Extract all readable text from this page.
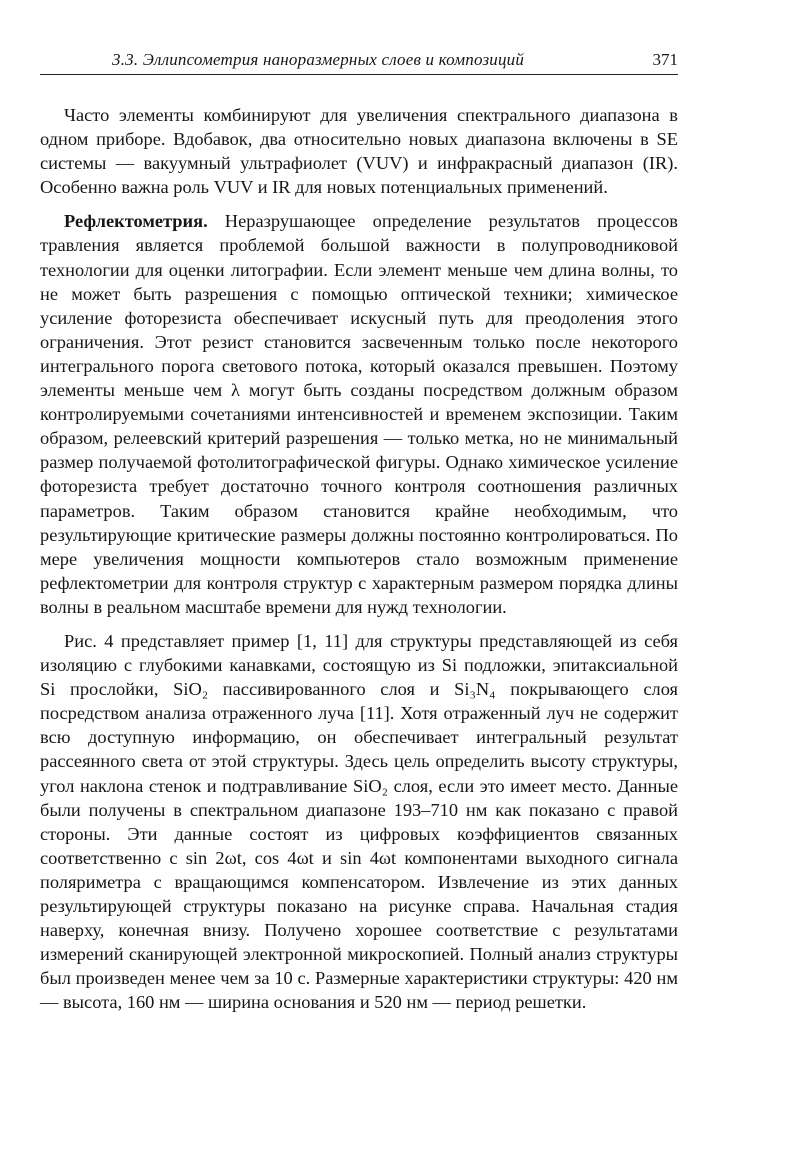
3.3. Эллипсометрия наноразмерных слоев и композиций	371

Часто элементы комбинируют для увеличения спектрального диапазона в одном приборе. Вдобавок, два относительно новых диапазона включены в SE системы — вакуумный ультрафиолет (VUV) и инфракрасный диапазон (IR). Особенно важна роль VUV и IR для новых потенциальных применений.

Рефлектометрия. Неразрушающее определение результатов процессов травления является проблемой большой важности в полупроводниковой технологии для оценки литографии. Если элемент меньше чем длина волны, то не может быть разрешения с помощью оптической техники; химическое усиление фоторезиста обеспечивает искусный путь для преодоления этого ограничения. Этот резист становится засвеченным только после некоторого интегрального порога светового потока, который оказался превышен. Поэтому элементы меньше чем λ могут быть созданы посредством должным образом контролируемыми сочетаниями интенсивностей и временем экспозиции. Таким образом, релеевский критерий разрешения — только метка, но не минимальный размер получаемой фотолитографической фигуры. Однако химическое усиление фоторезиста требует достаточно точного контроля соотношения различных параметров. Таким образом становится крайне необходимым, что результирующие критические размеры должны постоянно контролироваться. По мере увеличения мощности компьютеров стало возможным применение рефлектометрии для контроля структур с характерным размером порядка длины волны в реальном масштабе времени для нужд технологии.

Рис. 4 представляет пример [1, 11] для структуры представляющей из себя изоляцию с глубокими канавками, состоящую из Si подложки, эпитаксиальной Si прослойки, SiO₂ пассивированного слоя и Si₃N₄ покрывающего слоя посредством анализа отраженного луча [11]. Хотя отраженный луч не содержит всю доступную информацию, он обеспечивает интегральный результат рассеянного света от этой структуры. Здесь цель определить высоту структуры, угол наклона стенок и подтравливание SiO₂ слоя, если это имеет место. Данные были получены в спектральном диапазоне 193–710 нм как показано с правой стороны. Эти данные состоят из цифровых коэффициентов связанных соответственно с sin 2ωt, cos 4ωt и sin 4ωt компонентами выходного сигнала поляриметра с вращающимся компенсатором. Извлечение из этих данных результирующей структуры показано на рисунке справа. Начальная стадия наверху, конечная внизу. Получено хорошее соответствие с результатами измерений сканирующей электронной микроскопией. Полный анализ структуры был произведен менее чем за 10 с. Размерные характеристики структуры: 420 нм — высота, 160 нм — ширина основания и 520 нм — период решетки.
